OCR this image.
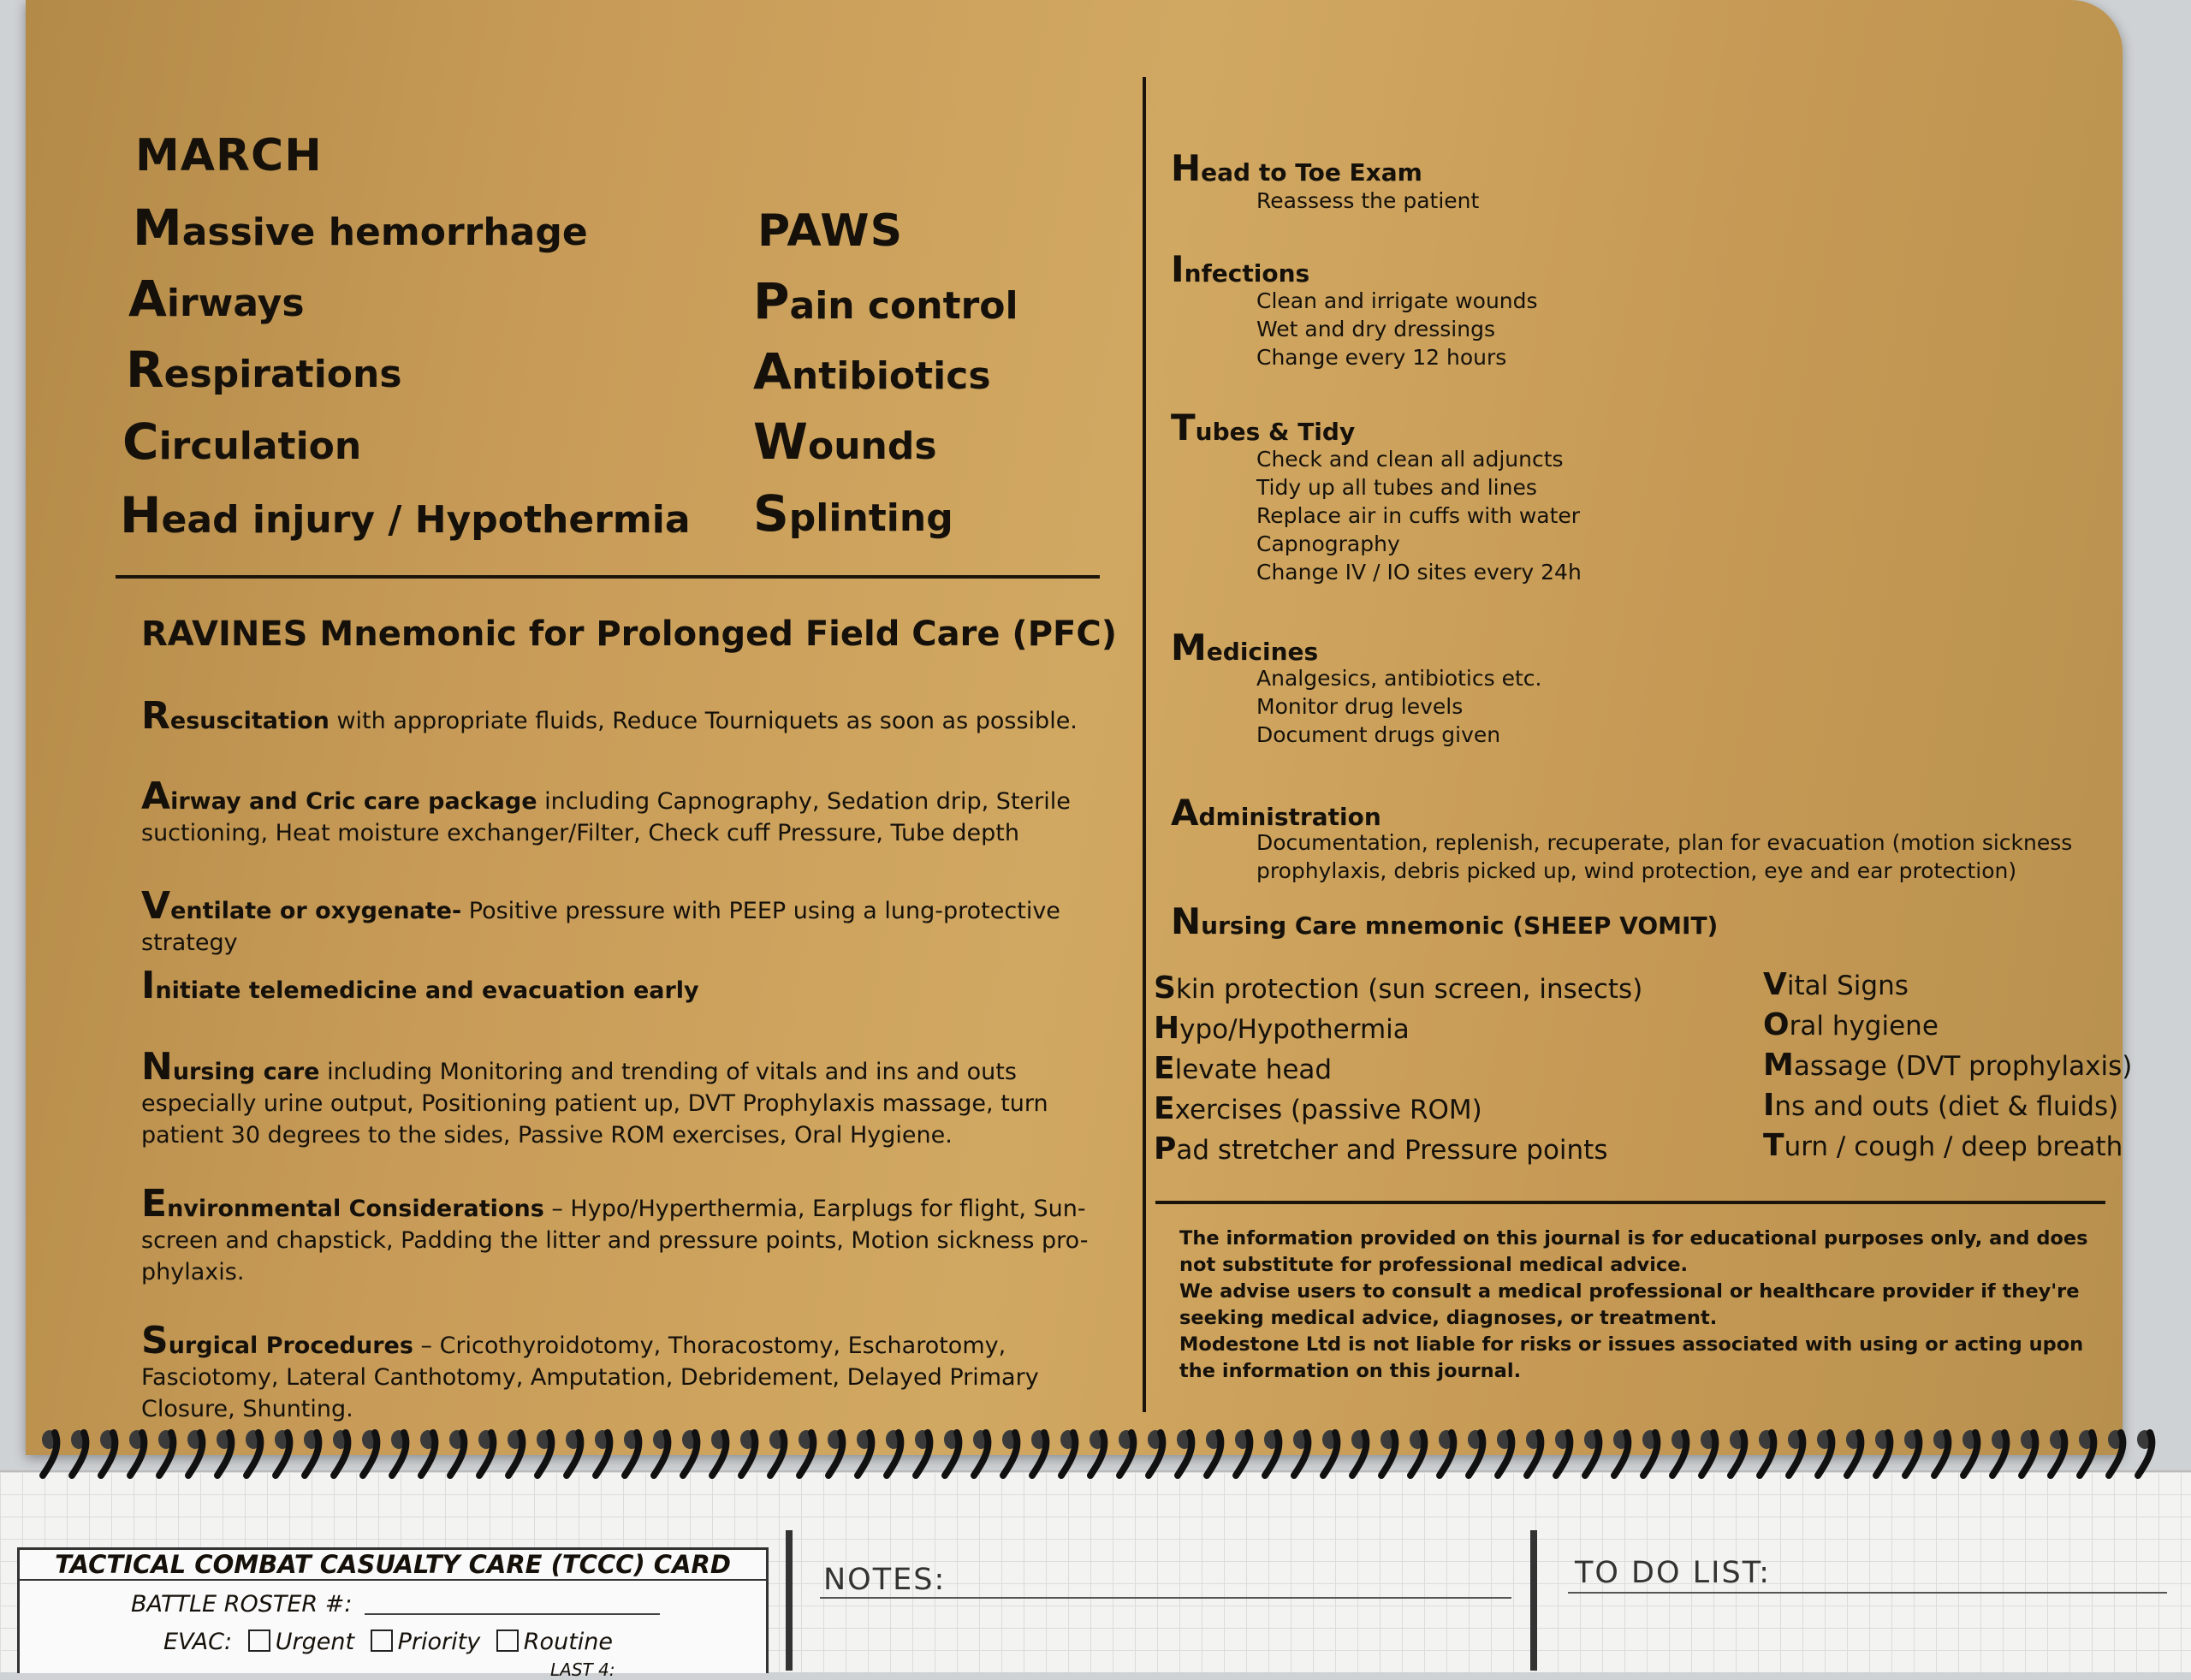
MARCH
Massive hemorrhage
Airways
Respirations
Circulation
Head injury / Hypothermia
PAWS
Pain control
Antibiotics
Wounds
Splinting
RAVINES Mnemonic for Prolonged Field Care (PFC)
Resuscitation with appropriate fluids, Reduce Tourniquets as soon as possible.
Airway and Cric care package including Capnography, Sedation drip, Sterile suctioning, Heat moisture exchanger/Filter, Check cuff Pressure, Tube depth
Ventilate or oxygenate- Positive pressure with PEEP using a lung-protective strategy
Initiate telemedicine and evacuation early
Nursing care including Monitoring and trending of vitals and ins and outs especially urine output, Positioning patient up, DVT Prophylaxis massage, turn patient 30 degrees to the sides, Passive ROM exercises, Oral Hygiene.
Environmental Considerations – Hypo/Hyperthermia, Earplugs for flight, Sun-screen and chapstick, Padding the litter and pressure points, Motion sickness pro-phylaxis.
Surgical Procedures – Cricothyroidotomy, Thoracostomy, Escharotomy, Fasciotomy, Lateral Canthotomy, Amputation, Debridement, Delayed Primary Closure, Shunting.
Head to Toe Exam
Reassess the patient
Infections
Clean and irrigate wounds
Wet and dry dressings
Change every 12 hours
Tubes & Tidy
Check and clean all adjuncts
Tidy up all tubes and lines
Replace air in cuffs with water
Capnography
Change IV / IO sites every 24h
Medicines
Analgesics, antibiotics etc.
Monitor drug levels
Document drugs given
Administration
Documentation, replenish, recuperate, plan for evacuation (motion sickness prophylaxis, debris picked up, wind protection, eye and ear protection)
Nursing Care mnemonic (SHEEP VOMIT)
Skin protection (sun screen, insects)
Hypo/Hypothermia
Elevate head
Exercises (passive ROM)
Pad stretcher and Pressure points
Vital Signs
Oral hygiene
Massage (DVT prophylaxis)
Ins and outs (diet & fluids)
Turn / cough / deep breath
The information provided on this journal is for educational purposes only, and does
not substitute for professional medical advice.
We advise users to consult a medical professional or healthcare provider if they're
seeking medical advice, diagnoses, or treatment.
Modestone Ltd is not liable for risks or issues associated with using or acting upon
the information on this journal.
TACTICAL COMBAT CASUALTY CARE (TCCC) CARD
BATTLE ROSTER #:
EVAC: Urgent Priority Routine
LAST 4:
NOTES:	TO DO LIST:
